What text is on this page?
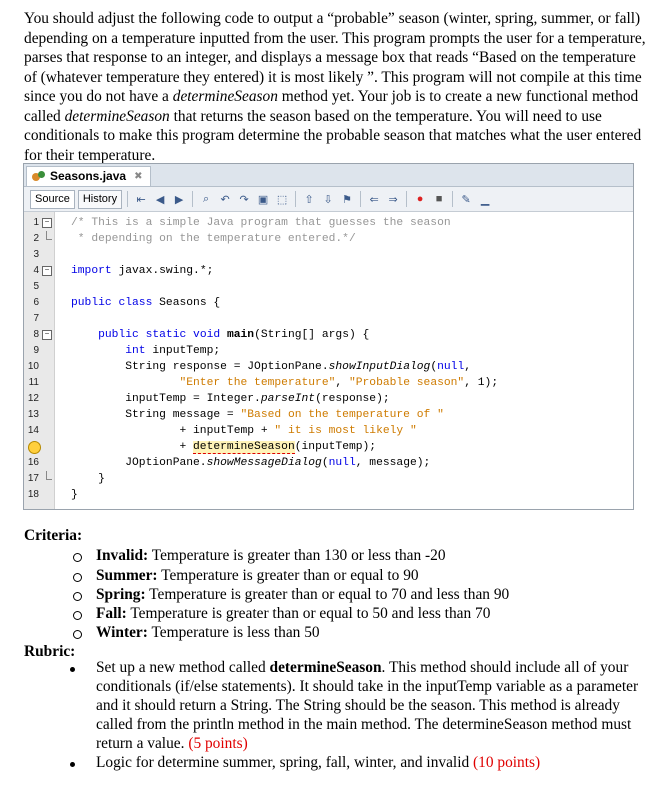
You should adjust the following code to output a “probable” season (winter, spring, summer, or fall) depending on a temperature inputted from the user. This program prompts the user for a temperature, parses that response to an integer, and displays a message box that reads “Based on the temperature of (whatever temperature they entered) it is most likely ”. This program will not compile at this time since you do not have a determineSeason method yet. Your job is to create a new functional method called determineSeason that returns the season based on the temperature. You will need to use conditionals to make this program determine the probable season that matches what the user entered for their temperature.
Seasons.java ✖
Source	History	⇤ ◀ ▶	⌕	↶ ↷ ▣ ⬚	⇧ ⇩ ⚑	⇐ ⇒	●	■	✎ ▁
1 − /* This is a simple Java program that guesses the season
2	* depending on the temperature entered.*/
3
4 − import javax.swing.*;
5
6	public class Seasons {
7
8 −	public static void main(String[] args) {
9	int inputTemp;
10	String response = JOptionPane.showInputDialog(null,
11	"Enter the temperature", "Probable season", 1);
12	inputTemp = Integer.parseInt(response);
13	String message = "Based on the temperature of "
14	+ inputTemp + " it is most likely "
+ determineSeason(inputTemp);
16	JOptionPane.showMessageDialog(null, message);
17	}
18	}
Criteria:
Invalid: Temperature is greater than 130 or less than -20
Summer: Temperature is greater than or equal to 90
Spring: Temperature is greater than or equal to 70 and less than 90
Fall: Temperature is greater than or equal to 50 and less than 70
Winter: Temperature is less than 50
Rubric:
Set up a new method called determineSeason. This method should include all of your conditionals (if/else statements). It should take in the inputTemp variable as a parameter and it should return a String. The String should be the season. This method is already called from the println method in the main method. The determineSeason method must return a value. (5 points)
Logic for determine summer, spring, fall, winter, and invalid (10 points)
